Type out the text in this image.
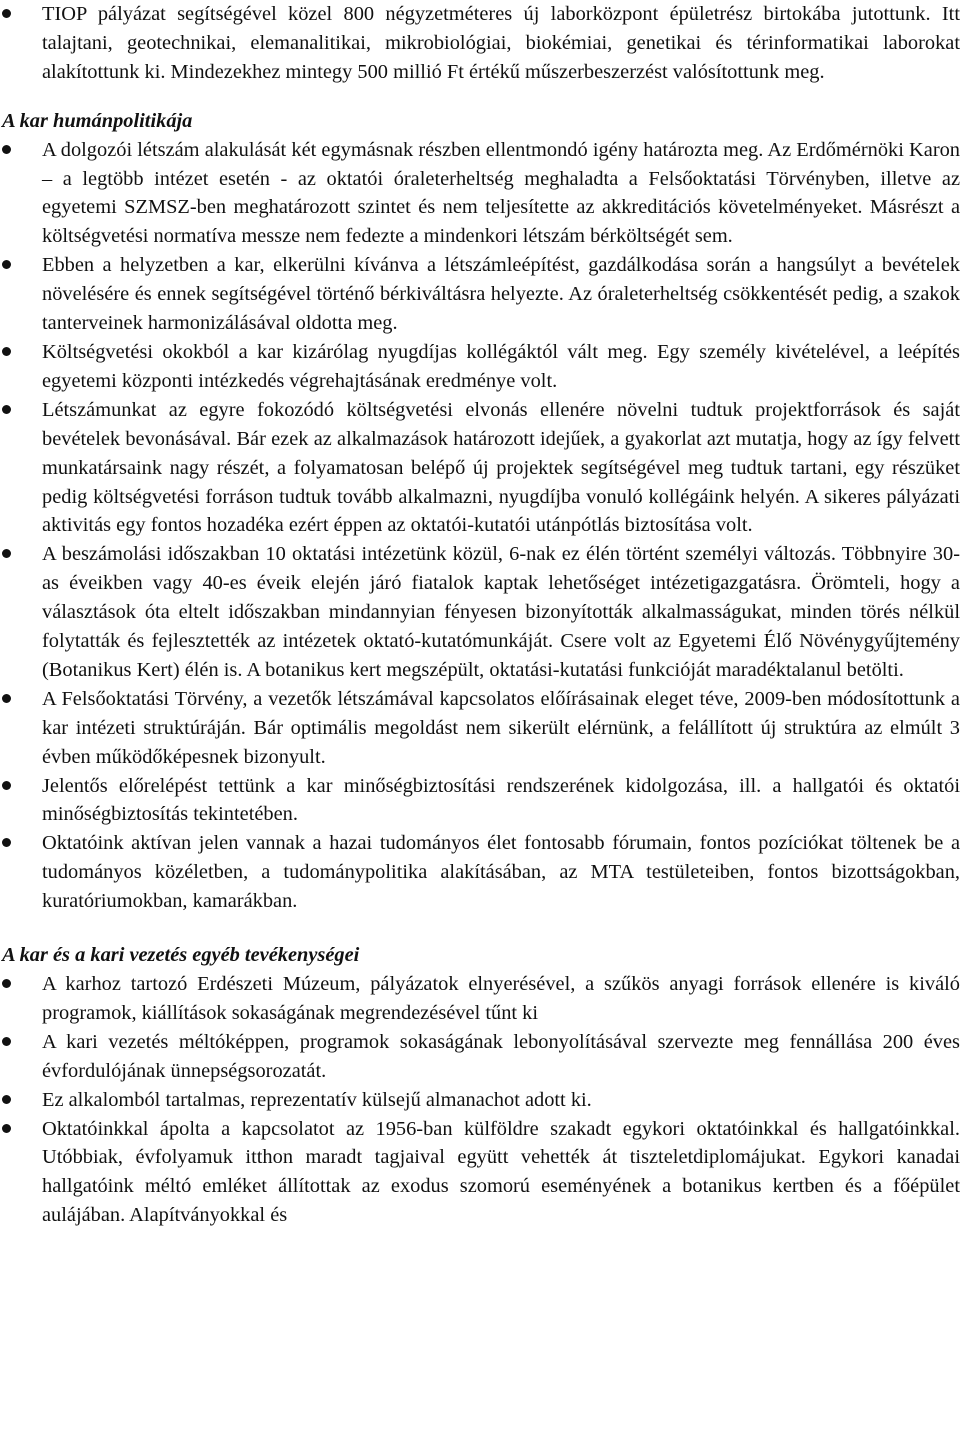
TIOP pályázat segítségével közel 800 négyzetméteres új laborközpont épületrész birtokába jutottunk. Itt talajtani, geotechnikai, elemanalitikai, mikrobiológiai, biokémiai, genetikai és térinformatikai laborokat alakítottunk ki. Mindezekhez mintegy 500 millió Ft értékű műszerbeszerzést valósítottunk meg.
A kar humánpolitikája
A dolgozói létszám alakulását két egymásnak részben ellentmondó igény határozta meg. Az Erdőmérnöki Karon – a legtöbb intézet esetén - az oktatói óraleterheltség meghaladta a Felsőoktatási Törvényben, illetve az egyetemi SZMSZ-ben meghatározott szintet és nem teljesítette az akkreditációs követelményeket. Másrészt a költségvetési normatíva messze nem fedezte a mindenkori létszám bérköltségét sem.
Ebben a helyzetben a kar, elkerülni kívánva a létszámleépítést, gazdálkodása során a hangsúlyt a bevételek növelésére és ennek segítségével történő bérkiváltásra helyezte. Az óraleterheltség csökkentését pedig, a szakok tanterveinek harmonizálásával oldotta meg.
Költségvetési okokból a kar kizárólag nyugdíjas kollégáktól vált meg. Egy személy kivételével, a leépítés egyetemi központi intézkedés végrehajtásának eredménye volt.
Létszámunkat az egyre fokozódó költségvetési elvonás ellenére növelni tudtuk projektforrások és saját bevételek bevonásával. Bár ezek az alkalmazások határozott idejűek, a gyakorlat azt mutatja, hogy az így felvett munkatársaink nagy részét, a folyamatosan belépő új projektek segítségével meg tudtuk tartani, egy részüket pedig költségvetési forráson tudtuk tovább alkalmazni, nyugdíjba vonuló kollégáink helyén. A sikeres pályázati aktivitás egy fontos hozadéka ezért éppen az oktatói-kutatói utánpótlás biztosítása volt.
A beszámolási időszakban 10 oktatási intézetünk közül, 6-nak ez élén történt személyi változás. Többnyire 30-as éveikben vagy 40-es éveik elején járó fiatalok kaptak lehetőséget intézetigazgatásra. Örömteli, hogy a választások óta eltelt időszakban mindannyian fényesen bizonyították alkalmasságukat, minden törés nélkül folytatták és fejlesztették az intézetek oktató-kutatómunkáját. Csere volt az Egyetemi Élő Növénygyűjtemény (Botanikus Kert) élén is. A botanikus kert megszépült, oktatási-kutatási funkcióját maradéktalanul betölti.
A Felsőoktatási Törvény, a vezetők létszámával kapcsolatos előírásainak eleget téve, 2009-ben módosítottunk a kar intézeti struktúráján. Bár optimális megoldást nem sikerült elérnünk, a felállított új struktúra az elmúlt 3 évben működőképesnek bizonyult.
Jelentős előrelépést tettünk a kar minőségbiztosítási rendszerének kidolgozása, ill. a hallgatói és oktatói minőségbiztosítás tekintetében.
Oktatóink aktívan jelen vannak a hazai tudományos élet fontosabb fórumain, fontos pozíciókat töltenek be a tudományos közéletben, a tudománypolitika alakításában, az MTA testületeiben, fontos bizottságokban, kuratóriumokban, kamarákban.
A kar és a kari vezetés egyéb tevékenységei
A karhoz tartozó Erdészeti Múzeum, pályázatok elnyerésével, a szűkös anyagi források ellenére is kiváló programok, kiállítások sokaságának megrendezésével tűnt ki
A kari vezetés méltóképpen, programok sokaságának lebonyolításával szervezte meg fennállása 200 éves évfordulójának ünnepségsorozatát.
Ez alkalomból tartalmas, reprezentatív külsejű almanachot adott ki.
Oktatóinkkal ápolta a kapcsolatot az 1956-ban külföldre szakadt egykori oktatóinkkal és hallgatóinkkal. Utóbbiak, évfolyamuk itthon maradt tagjaival együtt vehették át tiszteletdiplomájukat. Egykori kanadai hallgatóink méltó emléket állítottak az exodus szomorú eseményének a botanikus kertben és a főépület aulájában. Alapítványokkal és
